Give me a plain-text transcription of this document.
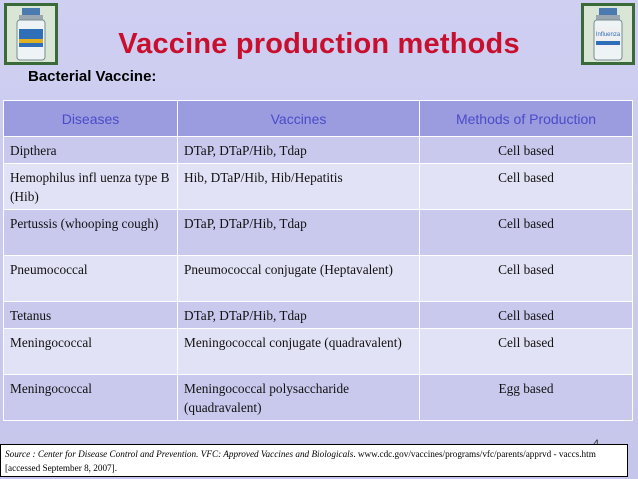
Influenza
Vaccine production methods
Bacterial Vaccine:
Diseases	Vaccines	Methods of Production
Dipthera	DTaP, DTaP/Hib, Tdap	Cell based
Hemophilus infl uenza type B (Hib)	Hib, DTaP/Hib, Hib/Hepatitis	Cell based
Pertussis (whooping cough)	DTaP, DTaP/Hib, Tdap	Cell based
Pneumococcal	Pneumococcal conjugate (Heptavalent)	Cell based
Tetanus	DTaP, DTaP/Hib, Tdap	Cell based
Meningococcal	Meningococcal conjugate (quadravalent)	Cell based
Meningococcal	Meningococcal polysaccharide (quadravalent)	Egg based
Source : Center for Disease Control and Prevention. VFC: Approved Vaccines and Biologicals. www.cdc.gov/vaccines/programs/vfc/parents/apprvd - vaccs.htm [accessed September 8, 2007].
